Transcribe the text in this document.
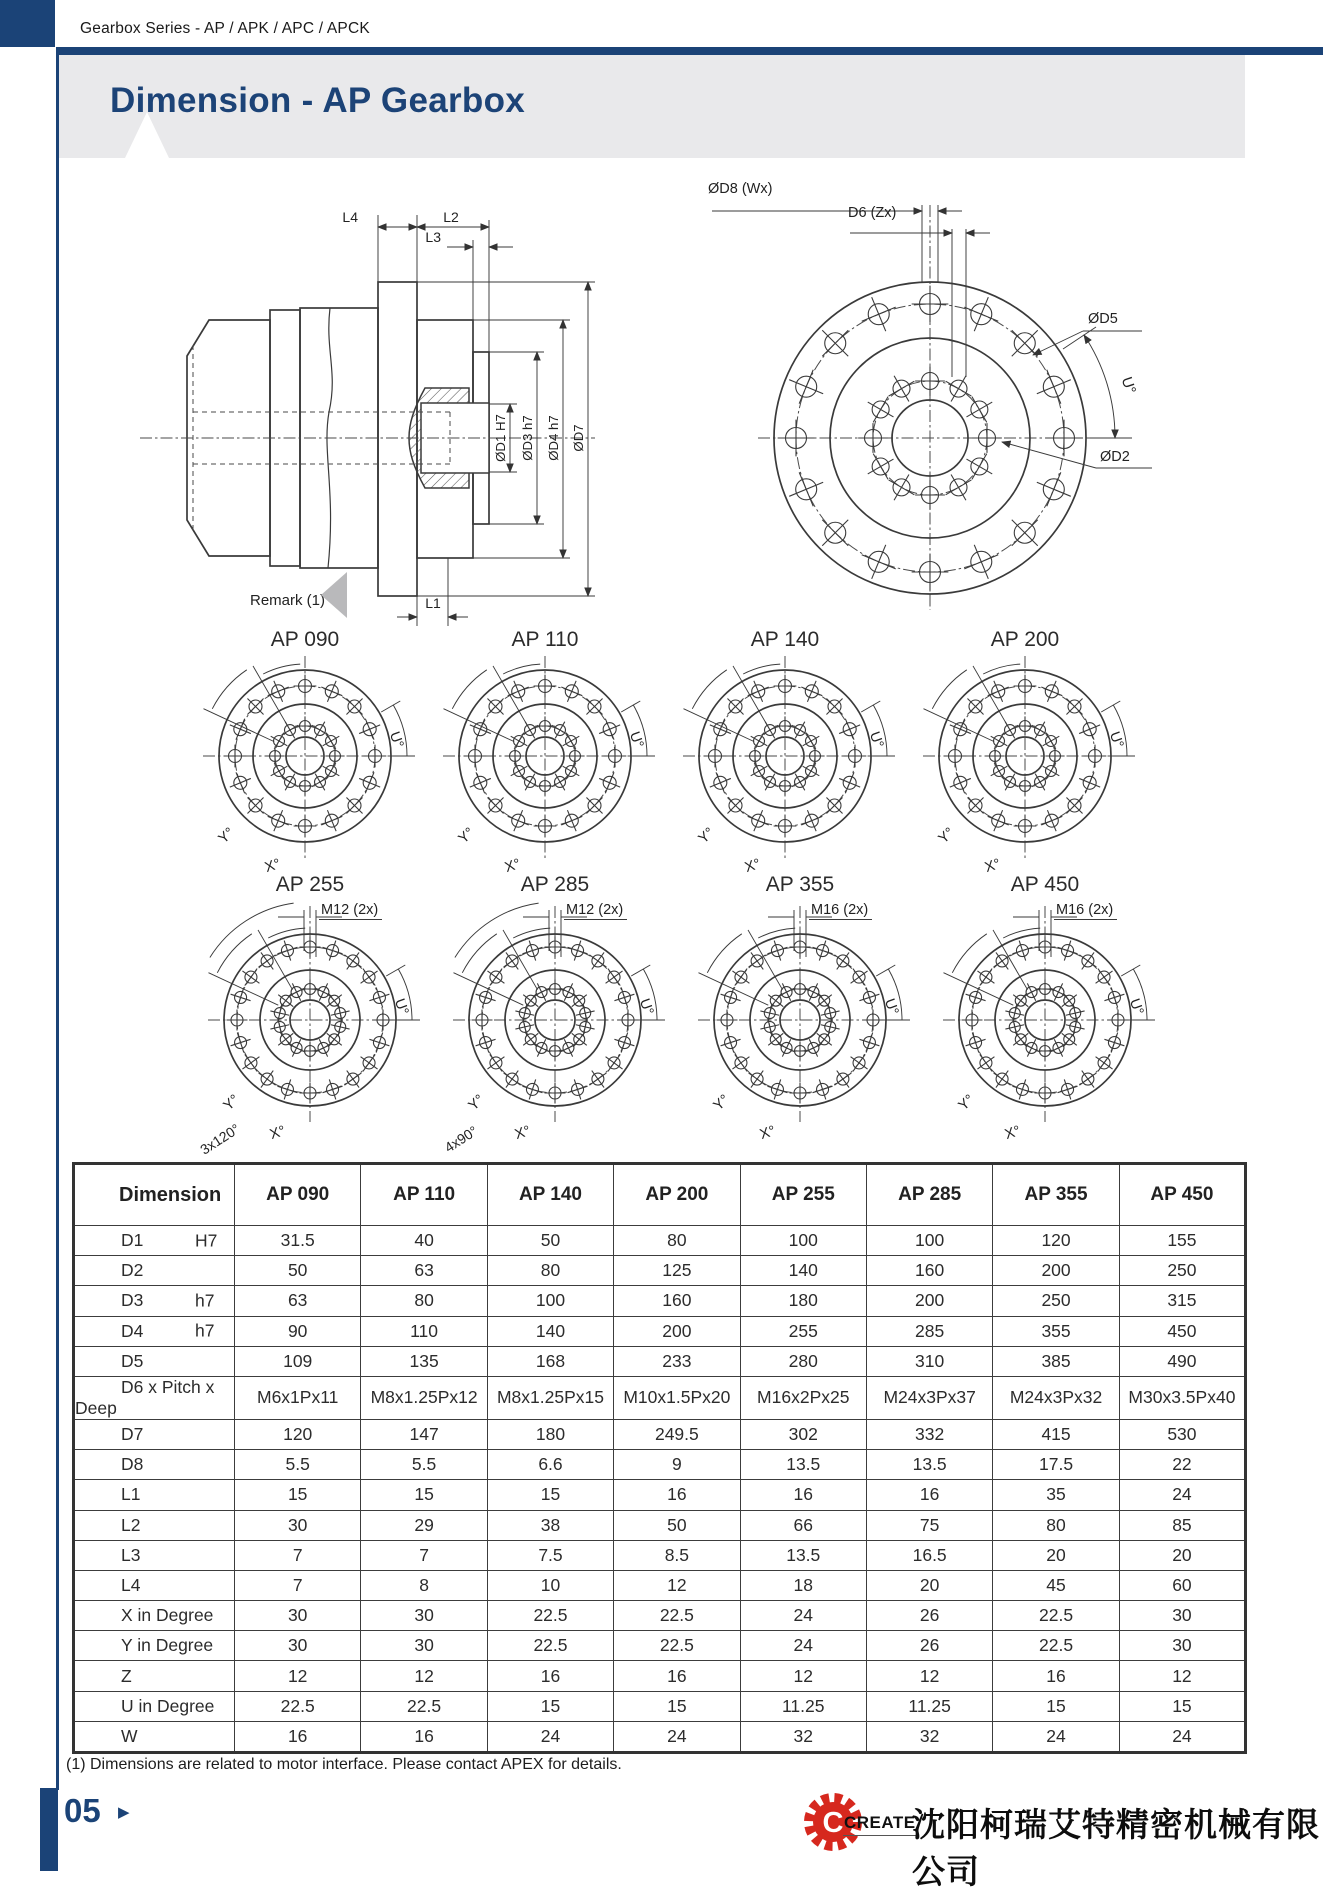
Gearbox Series - AP / APK / APC / APCK
Dimension - AP Gearbox
L4	L2
L3
L1
ØD1 H7 ØD3 h7 ØD4 h7 ØD7
Remark (1)
ØD8 (Wx)
D6 (Zx)
ØD5
U°
ØD2
AP 090
U°
Y°
X°
AP 110
U°
Y°
X°
AP 140
U°
Y°
X°
AP 200
U°
Y°
X°
AP 255
M12 (2x)
U°
Y°
X°
3x120°
AP 285
M12 (2x)
U°
Y°
X°
4x90°
AP 355
M16 (2x)
U°
Y°
X°
AP 450
M16 (2x)
U°
Y°
X°
Dimension	AP 090	AP 110	AP 140	AP 200	AP 255	AP 285	AP 355	AP 450
D1 H7	31.5	40	50	80	100	100	120	155
D2	50	63	80	125	140	160	200	250
D3 h7	63	80	100	160	180	200	250	315
D4 h7	90	110	140	200	255	285	355	450
D5	109	135	168	233	280	310	385	490
D6 x Pitch x Deep	M6x1Px11	M8x1.25Px12	M8x1.25Px15	M10x1.5Px20	M16x2Px25	M24x3Px37	M24x3Px32	M30x3.5Px40
D7	120	147	180	249.5	302	332	415	530
D8	5.5	5.5	6.6	9	13.5	13.5	17.5	22
L1	15	15	15	16	16	16	35	24
L2	30	29	38	50	66	75	80	85
L3	7	7	7.5	8.5	13.5	16.5	20	20
L4	7	8	10	12	18	20	45	60
X in Degree	30	30	22.5	22.5	24	26	22.5	30
Y in Degree	30	30	22.5	22.5	24	26	22.5	30
Z	12	12	16	16	12	12	16	12
U in Degree	22.5	22.5	15	15	11.25	11.25	15	15
W	16	16	24	24	32	32	24	24
(1) Dimensions are related to motor interface. Please contact APEX for details.
05 ▶	C CREATE
沈阳柯瑞艾特精密机械有限公司
